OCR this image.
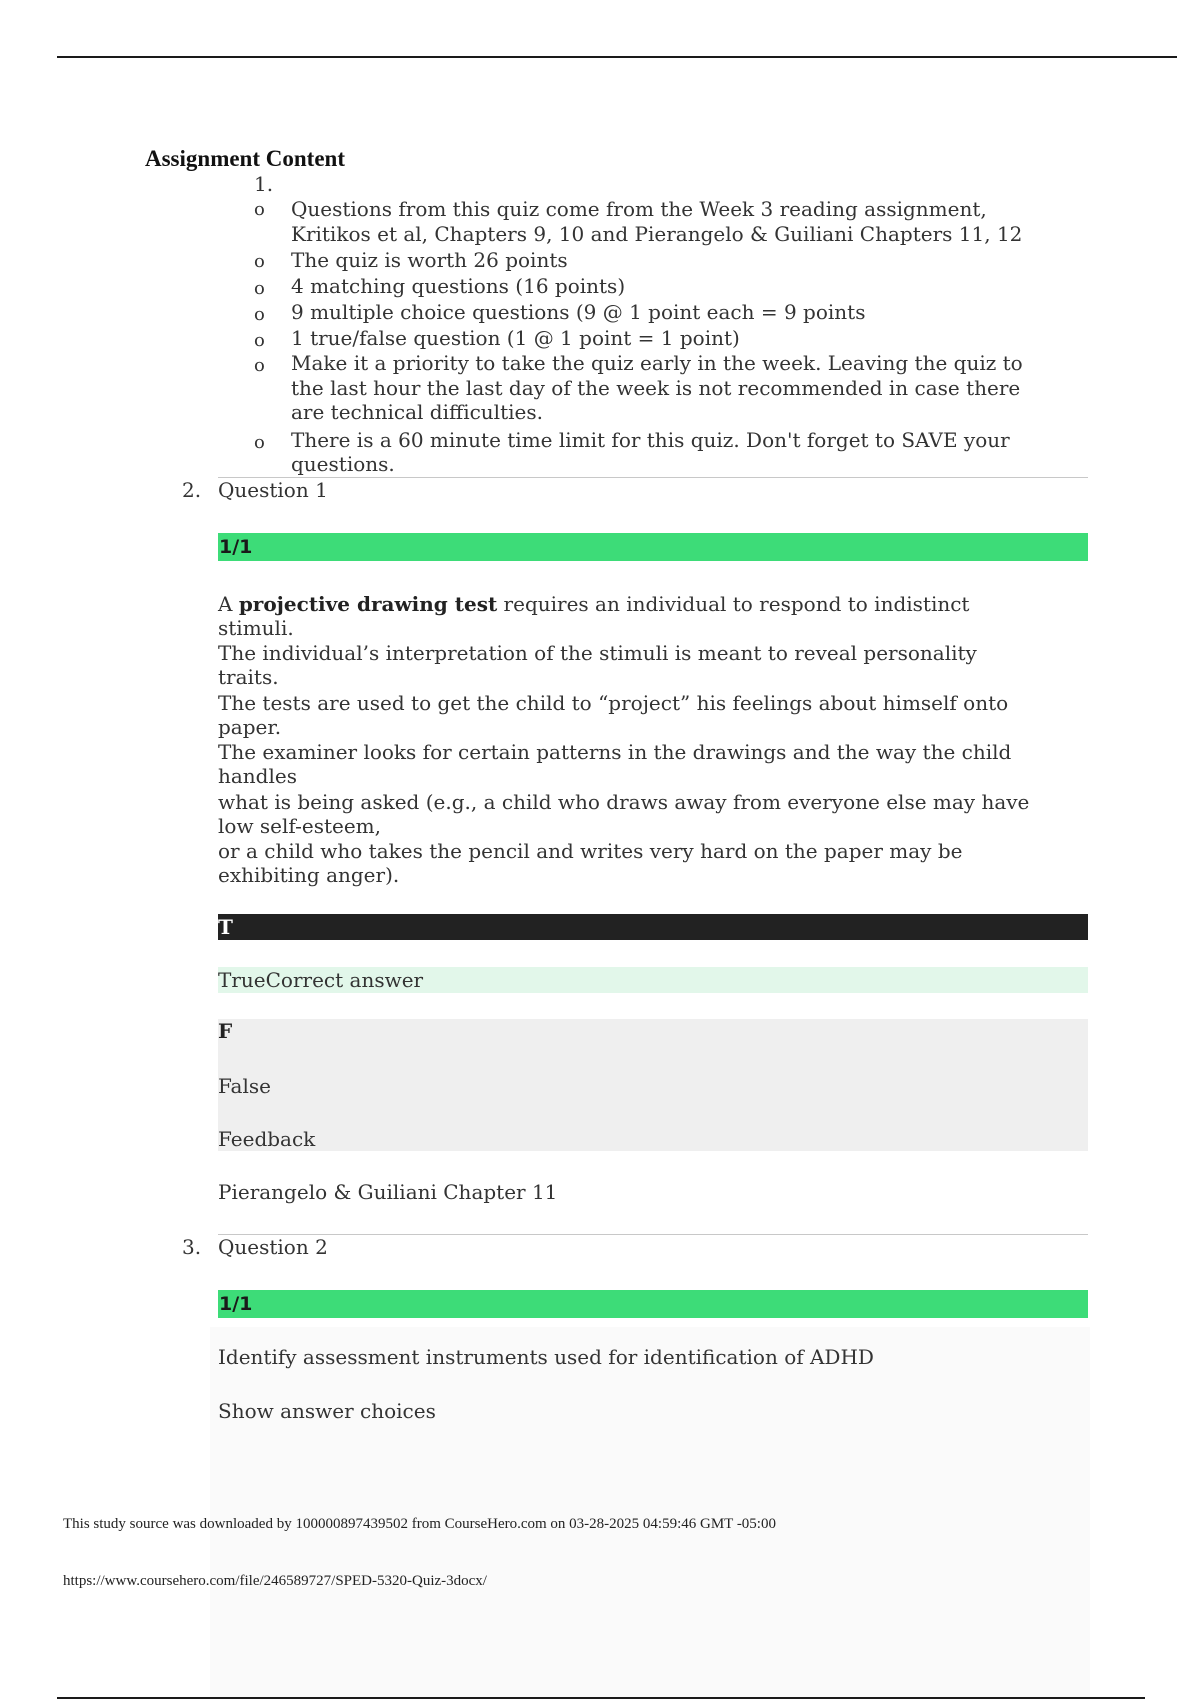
Assignment Content
1.
o Questions from this quiz come from the Week 3 reading assignment,
Kritikos et al, Chapters 9, 10 and Pierangelo & Guiliani Chapters 11, 12
o The quiz is worth 26 points
o 4 matching questions (16 points)
o 9 multiple choice questions (9 @ 1 point each = 9 points
o 1 true/false question (1 @ 1 point = 1 point)
o Make it a priority to take the quiz early in the week. Leaving the quiz to
the last hour the last day of the week is not recommended in case there
are technical difficulties.
o There is a 60 minute time limit for this quiz. Don't forget to SAVE your
questions.
2. Question 1
1/1
A projective drawing test requires an individual to respond to indistinct
stimuli.
The individual’s interpretation of the stimuli is meant to reveal personality
traits.
The tests are used to get the child to “project” his feelings about himself onto
paper.
The examiner looks for certain patterns in the drawings and the way the child
handles
what is being asked (e.g., a child who draws away from everyone else may have
low self-esteem,
or a child who takes the pencil and writes very hard on the paper may be
exhibiting anger).
T
TrueCorrect answer
F
False
Feedback
Pierangelo & Guiliani Chapter 11
3. Question 2
1/1
Identify assessment instruments used for identification of ADHD
Show answer choices
This study source was downloaded by 100000897439502 from CourseHero.com on 03-28-2025 04:59:46 GMT -05:00
https://www.coursehero.com/file/246589727/SPED-5320-Quiz-3docx/
